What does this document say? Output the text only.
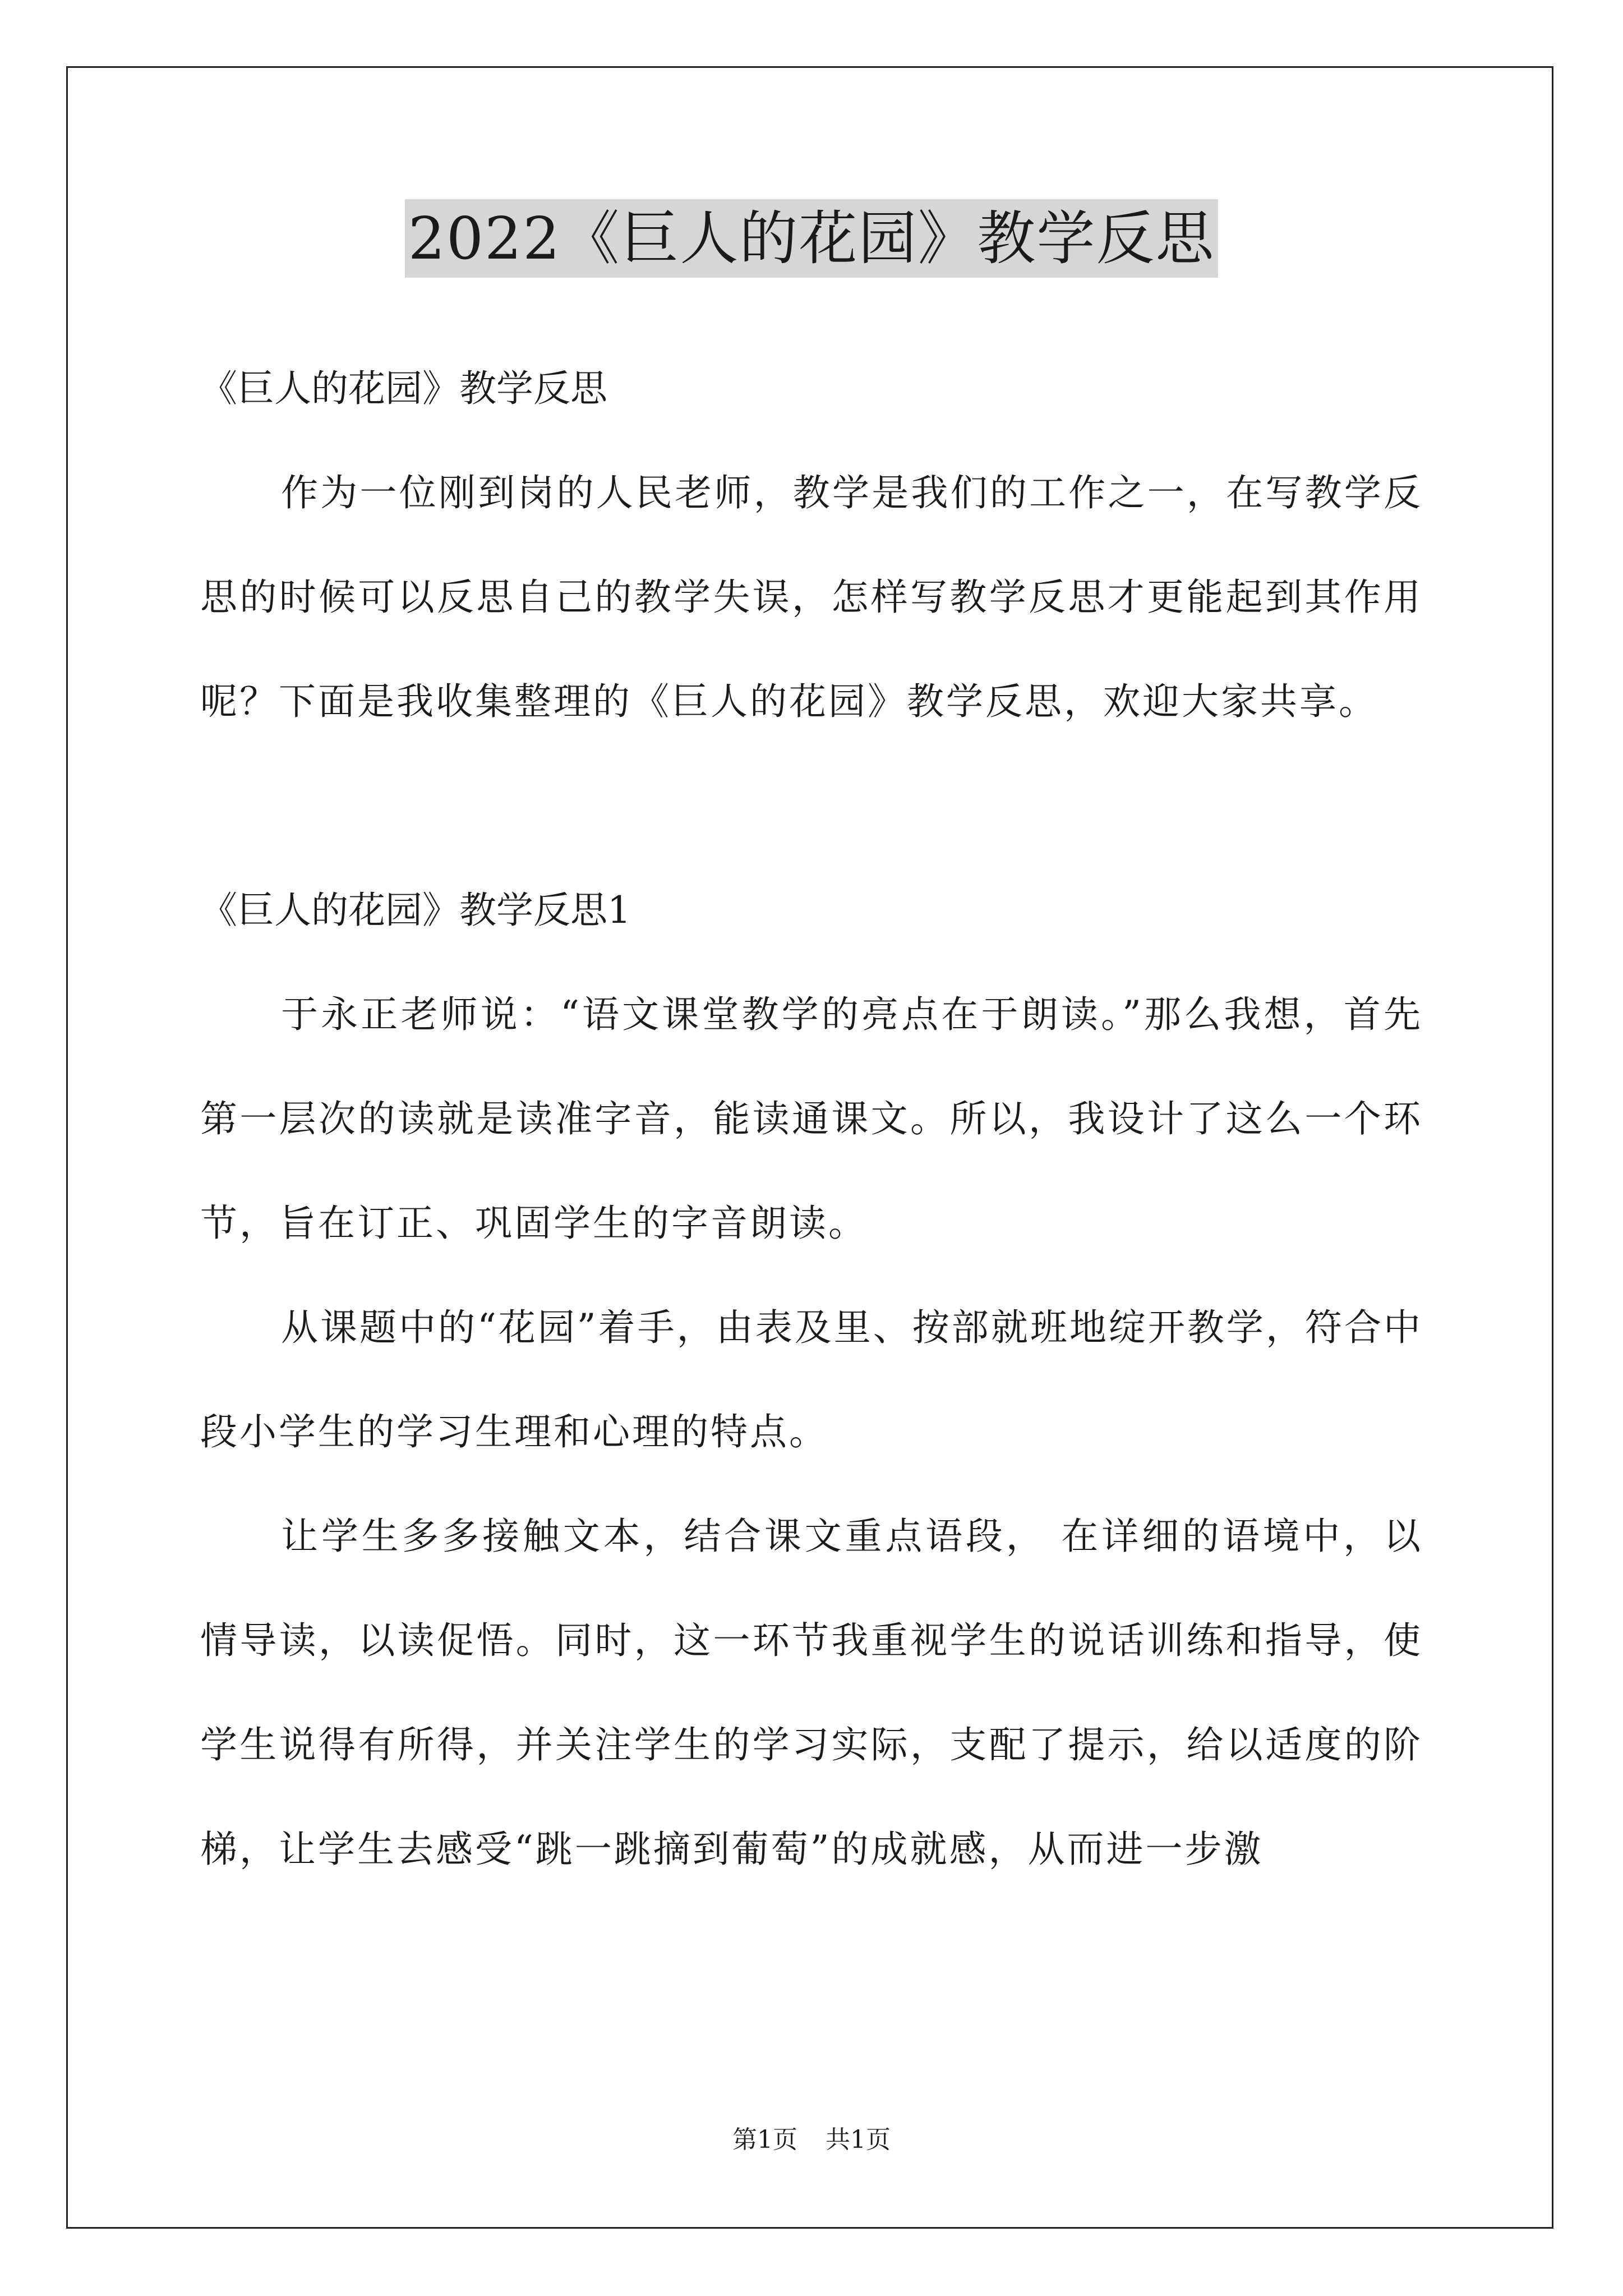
2022《巨人的花园》教学反思
《巨人的花园》教学反思

作为一位刚到岗的人民老师，教学是我们的工作之一，在写教学反思的时候可以反思自己的教学失误，怎样写教学反思才更能起到其作用呢？下面是我收集整理的《巨人的花园》教学反思，欢迎大家共享。

《巨人的花园》教学反思1

于永正老师说：“语文课堂教学的亮点在于朗读。”那么我想，首先第一层次的读就是读准字音，能读通课文。所以，我设计了这么一个环节，旨在订正、巩固学生的字音朗读。

从课题中的“花园”着手，由表及里、按部就班地绽开教学，符合中段小学生的学习生理和心理的特点。

让学生多多接触文本，结合课文重点语段， 在详细的语境中，以情导读，以读促悟。同时，这一环节我重视学生的说话训练和指导，使学生说得有所得，并关注学生的学习实际，支配了提示，给以适度的阶梯，让学生去感受“跳一跳摘到葡萄”的成就感，从而进一步激

第1页 共1页
